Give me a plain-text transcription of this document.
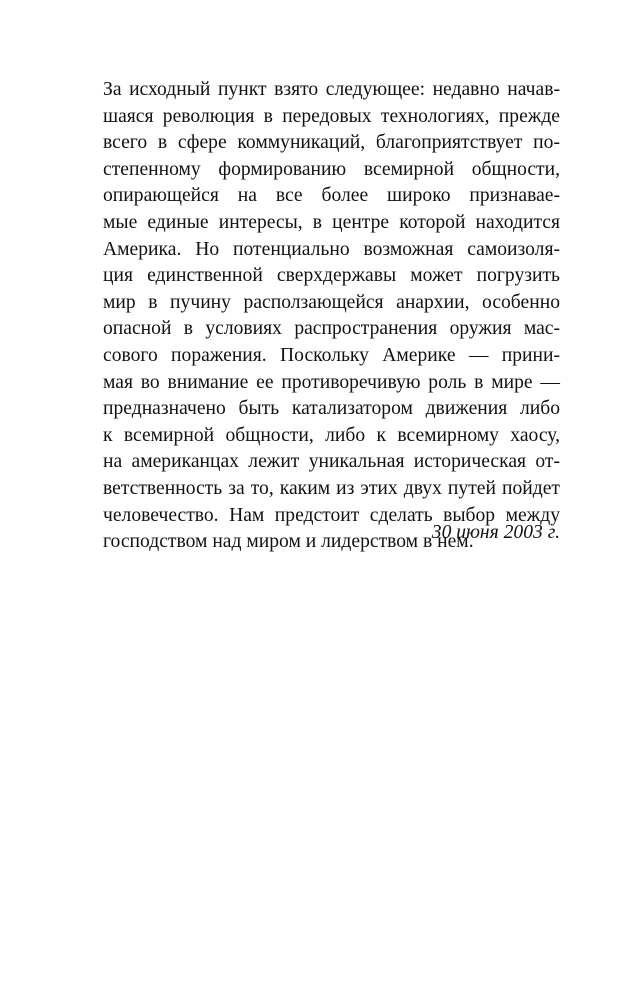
За исходный пункт взято следующее: недавно начав-
шаяся революция в передовых технологиях, прежде
всего в сфере коммуникаций, благоприятствует по-
степенному формированию всемирной общности,
опирающейся на все более широко признавае-
мые единые интересы, в центре которой находится
Америка. Но потенциально возможная самоизоля-
ция единственной сверхдержавы может погрузить
мир в пучину расползающейся анархии, особенно
опасной в условиях распространения оружия мас-
сового поражения. Поскольку Америке — прини-
мая во внимание ее противоречивую роль в мире —
предназначено быть катализатором движения либо
к всемирной общности, либо к всемирному хаосу,
на американцах лежит уникальная историческая от-
ветственность за то, каким из этих двух путей пойдет
человечество. Нам предстоит сделать выбор между
господством над миром и лидерством в нем.
30 июня 2003 г.
